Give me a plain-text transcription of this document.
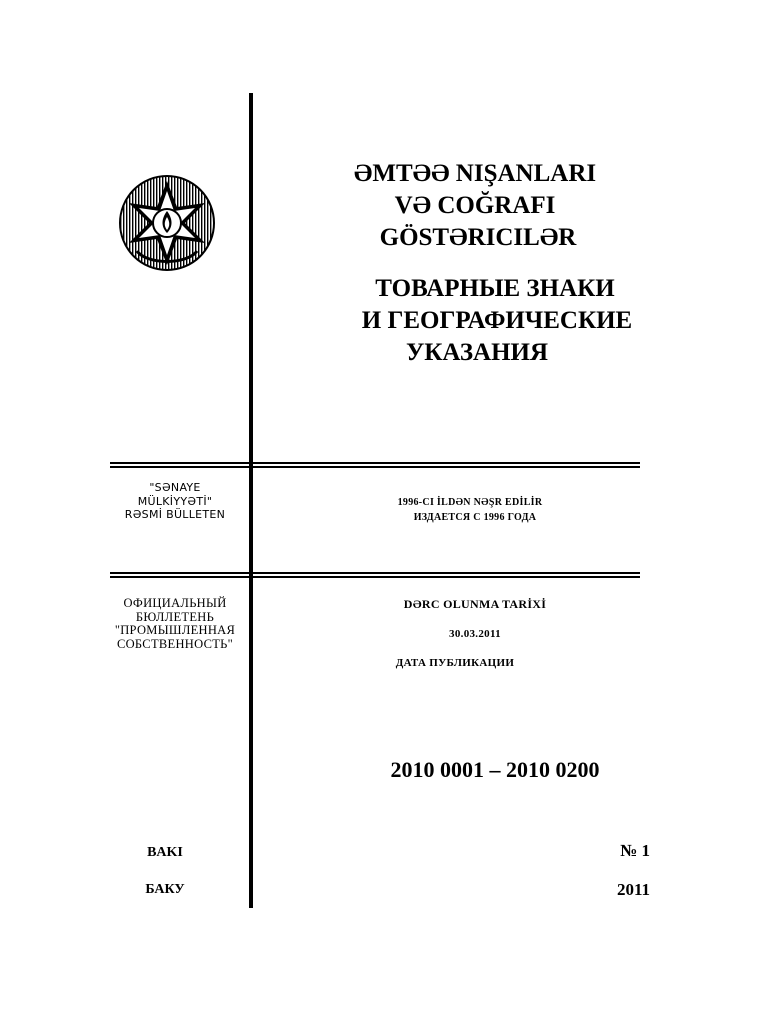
ƏMTƏƏ NIŞANLARI
VƏ COĞRAFI
GÖSTƏRICILƏR
ТОВАРНЫЕ ЗНАКИ
И ГЕОГРАФИЧЕСКИЕ
УКАЗАНИЯ
"SƏNAYE
MÜLKİYYƏTİ"
RƏSMİ BÜLLETEN
1996-CI İLDƏN NƏŞR EDİLİR
ИЗДАЕТСЯ С 1996 ГОДА
ОФИЦИАЛЬНЫЙ
БЮЛЛЕТЕНЬ
"ПРОМЫШЛЕННАЯ
СОБСТВЕННОСТЬ"
DƏRC OLUNMA TARİXİ
30.03.2011
ДАТА ПУБЛИКАЦИИ
2010 0001 – 2010 0200
BAKI
БАКУ
№ 1
2011
